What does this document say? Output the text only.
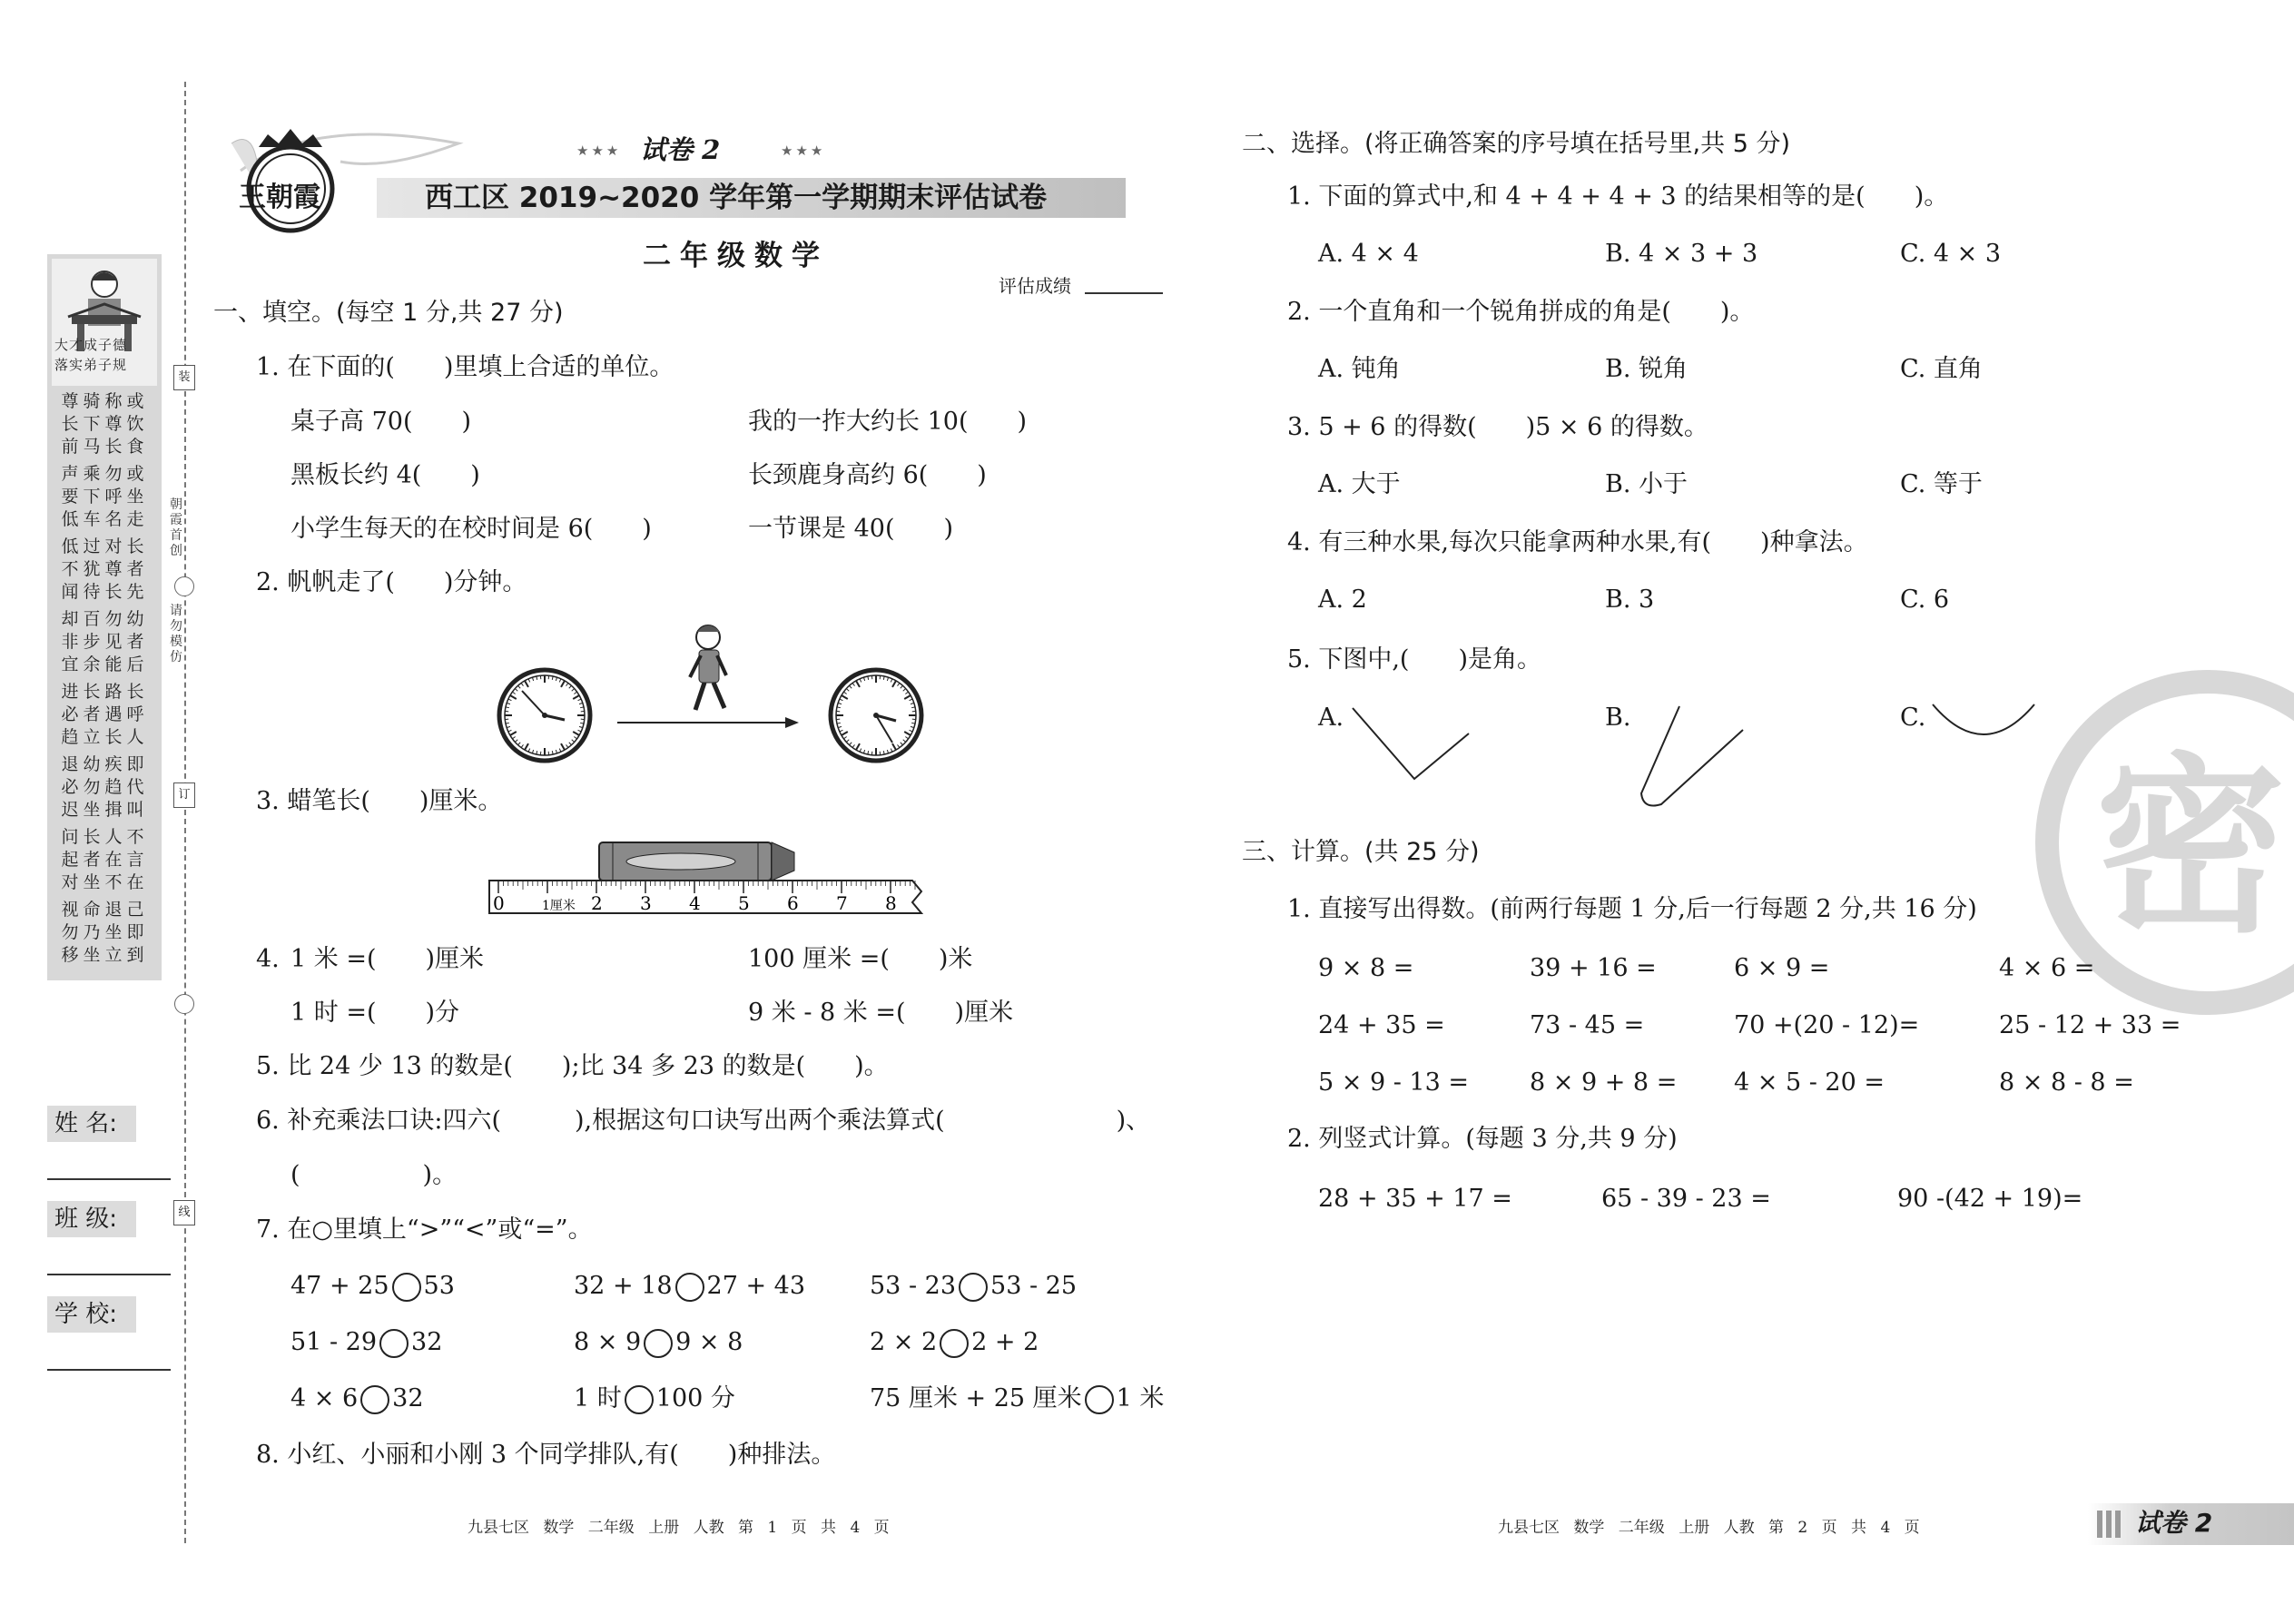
大才成子德
落实弟子规
尊长前
骑下马
称尊长
或饮食
声要低
乘下车
勿呼名
或坐走
低不闻
过犹待
对尊长
长者先
却非宜
百步余
勿见能
幼者后
进必趋
长者立
路遇长
长呼人
退必迟
幼勿坐
疾趋揖
即代叫
问起对
长者坐
人在不
不言在
视勿移
命乃坐
退坐立
己即到
朝霞首创
请勿模仿
装
订
线
姓 名:
班 级:
学 校:
王朝霞
★★★ 试卷 2	★★★
西工区 2019~2020 学年第一学期期末评估试卷
二年级数学
评估成绩
一、填空。(每空 1 分,共 27 分)
1. 在下面的(　　)里填上合适的单位。
桌子高 70(　　)	我的一拃大约长 10(　　)
黑板长约 4(　　)	长颈鹿身高约 6(　　)
小学生每天的在校时间是 6(　　)	一节课是 40(　　)
2. 帆帆走了(　　)分钟。
3. 蜡笔长(　　)厘米。
0	1厘米 2 3 4 5 6 7 8
4. 1 米 =(　　)厘米	100 厘米 =(　　)米
1 时 =(　　)分	9 米 - 8 米 =(　　)厘米
5. 比 24 少 13 的数是(　　);比 34 多 23 的数是(　　)。
6. 补充乘法口诀:四六(　　　),根据这句口诀写出两个乘法算式(　　　　　　　)、
(　　　　　)。
7. 在○里填上“>”“<”或“=”。
47 + 25 53	32 + 18 27 + 43	53 - 23 53 - 25
51 - 29 32	8 × 9 9 × 8	2 × 2 2 + 2
4 × 6 32	1 时 100 分	75 厘米 + 25 厘米 1 米
8. 小红、小丽和小刚 3 个同学排队,有(　　)种排法。
九县七区 数学 二年级 上册 人教 第 1 页 共 4 页
密
二、选择。(将正确答案的序号填在括号里,共 5 分)
1. 下面的算式中,和 4 + 4 + 4 + 3 的结果相等的是(　　)。
A. 4 × 4	B. 4 × 3 + 3	C. 4 × 3
2. 一个直角和一个锐角拼成的角是(　　)。
A. 钝角	B. 锐角	C. 直角
3. 5 + 6 的得数(　　)5 × 6 的得数。
A. 大于	B. 小于	C. 等于
4. 有三种水果,每次只能拿两种水果,有(　　)种拿法。
A. 2	B. 3	C. 6
5. 下图中,(　　)是角。
A.	B.	C.
三、计算。(共 25 分)
1. 直接写出得数。(前两行每题 1 分,后一行每题 2 分,共 16 分)
9 × 8 =	39 + 16 =	6 × 9 =	4 × 6 =
24 + 35 =	73 - 45 =	70 +(20 - 12)=	25 - 12 + 33 =
5 × 9 - 13 = 8 × 9 + 8 = 4 × 5 - 20 =	8 × 8 - 8 =
2. 列竖式计算。(每题 3 分,共 9 分)
28 + 35 + 17 =	65 - 39 - 23 =	90 -(42 + 19)=
九县七区 数学 二年级 上册 人教 第 2 页 共 4 页	试卷 2
